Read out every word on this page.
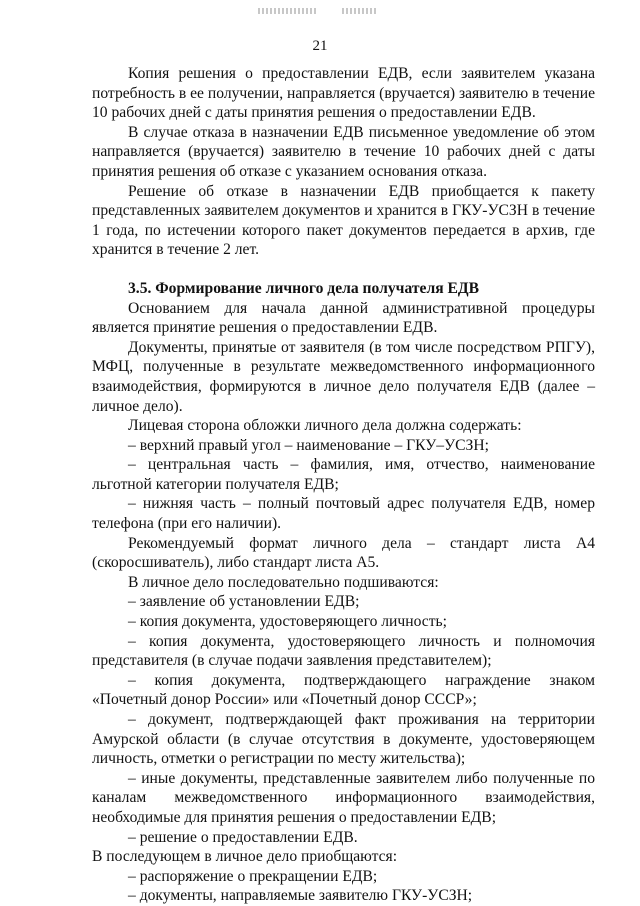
21

Копия решения о предоставлении ЕДВ, если заявителем указана потребность в ее получении, направляется (вручается) заявителю в течение 10 рабочих дней с даты принятия решения о предоставлении ЕДВ.

В случае отказа в назначении ЕДВ письменное уведомление об этом направляется (вручается) заявителю в течение 10 рабочих дней с даты принятия решения об отказе с указанием основания отказа.

Решение об отказе в назначении ЕДВ приобщается к пакету представленных заявителем документов и хранится в ГКУ-УСЗН в течение 1 года, по истечении которого пакет документов передается в архив, где хранится в течение 2 лет.

3.5. Формирование личного дела получателя ЕДВ

Основанием для начала данной административной процедуры является принятие решения о предоставлении ЕДВ.

Документы, принятые от заявителя (в том числе посредством РПГУ), МФЦ, полученные в результате межведомственного информационного взаимодействия, формируются в личное дело получателя ЕДВ (далее – личное дело).

Лицевая сторона обложки личного дела должна содержать:

– верхний правый угол – наименование – ГКУ–УСЗН;

– центральная часть – фамилия, имя, отчество, наименование льготной категории получателя ЕДВ;

– нижняя часть – полный почтовый адрес получателя ЕДВ, номер телефона (при его наличии).

Рекомендуемый формат личного дела – стандарт листа А4 (скоросшиватель), либо стандарт листа А5.

В личное дело последовательно подшиваются:

– заявление об установлении ЕДВ;

– копия документа, удостоверяющего личность;

– копия документа, удостоверяющего личность и полномочия представителя (в случае подачи заявления представителем);

– копия документа, подтверждающего награждение знаком «Почетный донор России» или «Почетный донор СССР»;

– документ, подтверждающей факт проживания на территории Амурской области (в случае отсутствия в документе, удостоверяющем личность, отметки о регистрации по месту жительства);

– иные документы, представленные заявителем либо полученные по каналам межведомственного информационного взаимодействия, необходимые для принятия решения о предоставлении ЕДВ;

– решение о предоставлении ЕДВ.

В последующем в личное дело приобщаются:

– распоряжение о прекращении ЕДВ;

– документы, направляемые заявителю ГКУ-УСЗН;
